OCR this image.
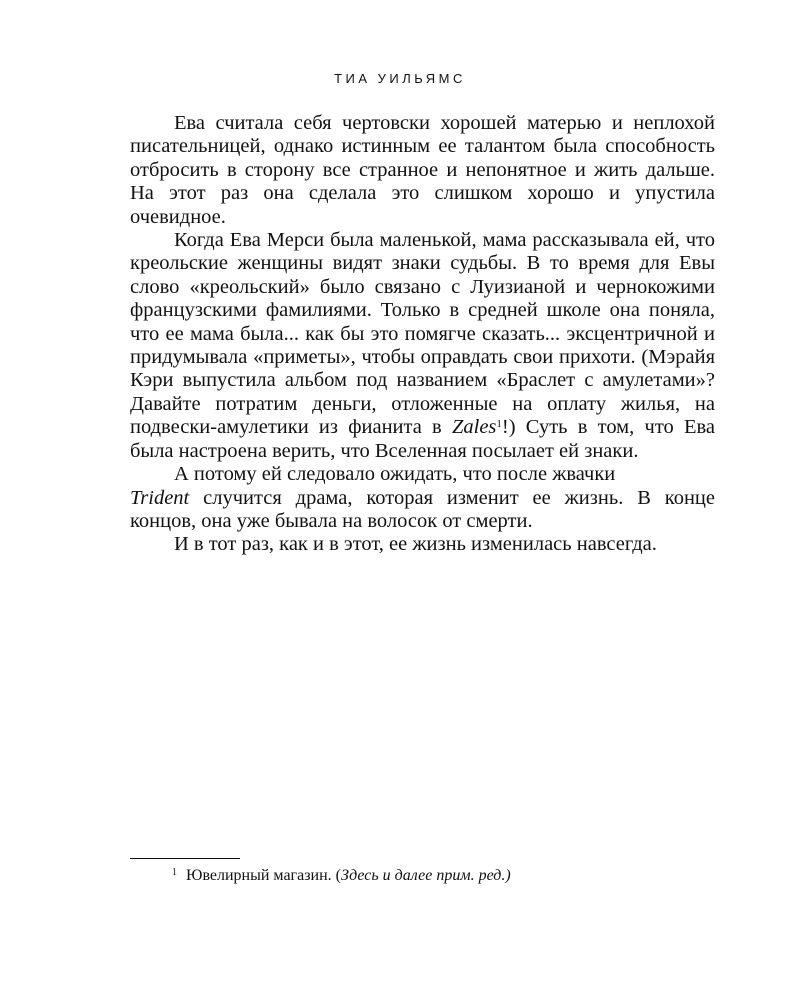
ТИА УИЛЬЯМС

Ева считала себя чертовски хорошей матерью и неплохой писательницей, однако истинным ее талантом была способность отбросить в сторону все странное и непонятное и жить дальше. На этот раз она сделала это слишком хорошо и упустила очевидное.

Когда Ева Мерси была маленькой, мама рассказывала ей, что креольские женщины видят знаки судьбы. В то время для Евы слово «креольский» было связано с Луизианой и чернокожими французскими фамилиями. Только в средней школе она поняла, что ее мама была... как бы это помягче сказать... эксцентричной и придумывала «приметы», чтобы оправдать свои прихоти. (Мэрайя Кэри выпустила альбом под названием «Браслет с амулетами»? Давайте потратим деньги, отложенные на оплату жилья, на подвески-амулетики из фианита в Zales$^1$!) Суть в том, что Ева была настроена верить, что Вселенная посылает ей знаки.

А потому ей следовало ожидать, что после жвачки
Trident случится драма, которая изменит ее жизнь. В конце концов, она уже бывала на волосок от смерти.

И в тот раз, как и в этот, ее жизнь изменилась навсегда.

$^1$ Ювелирный магазин. (Здесь и далее прим. ред.)
